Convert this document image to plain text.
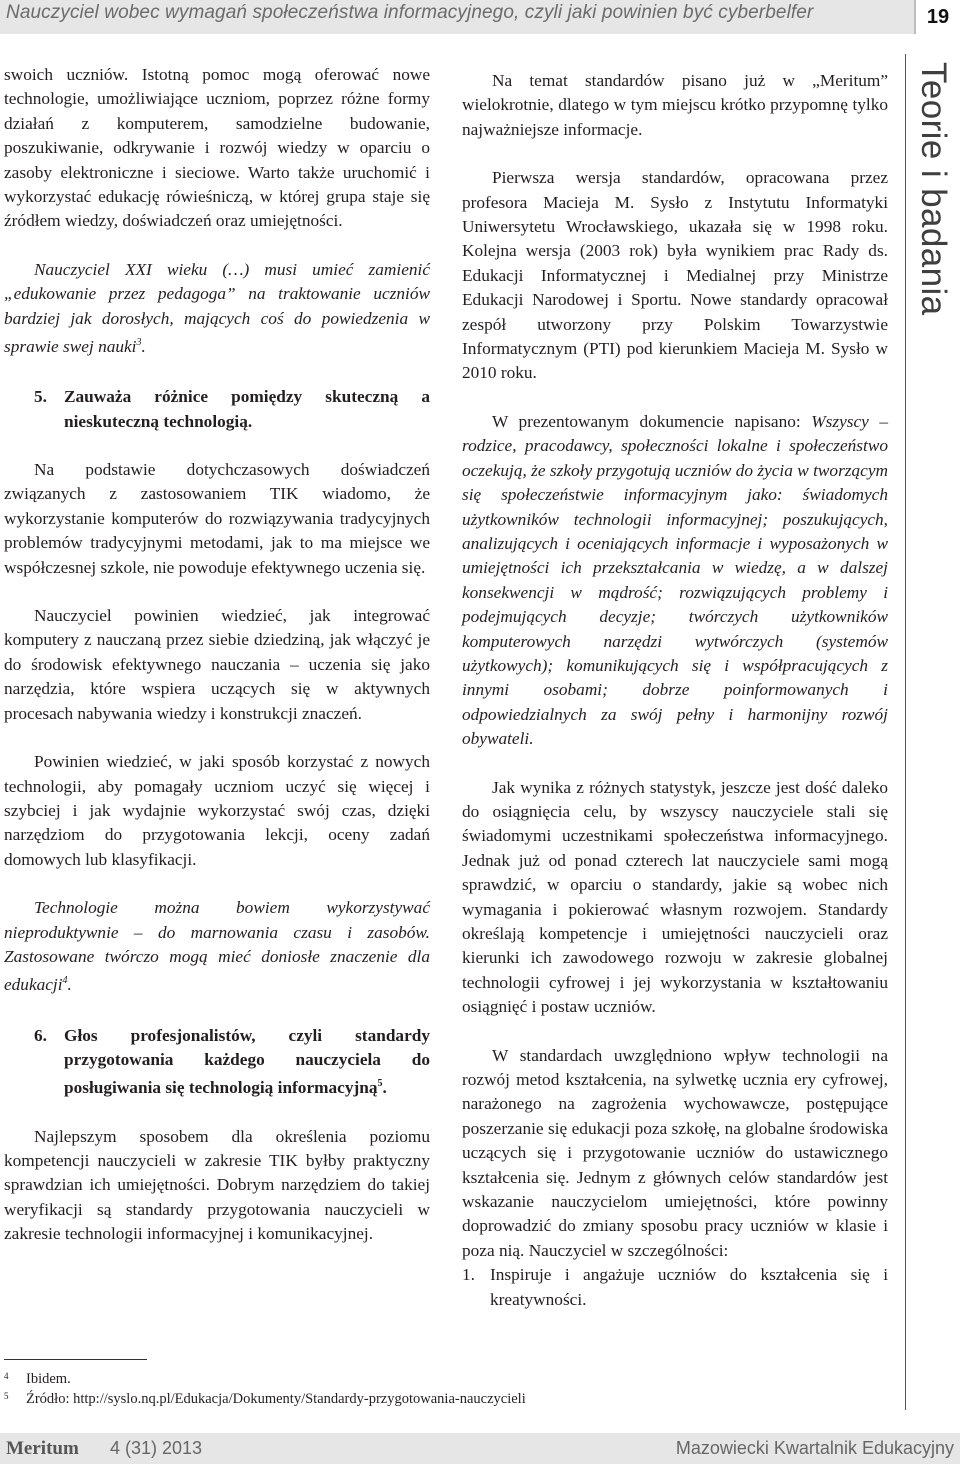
Nauczyciel wobec wymagań społeczeństwa informacyjnego, czyli jaki powinien być cyberbelfer	19

swoich uczniów. Istotną pomoc mogą oferować nowe technologie, umożliwiające uczniom, poprzez różne formy działań z komputerem, samodzielne budowanie, poszukiwanie, odkrywanie i rozwój wiedzy w oparciu o zasoby elektroniczne i sieciowe. Warto także uruchomić i wykorzystać edukację rówieśniczą, w której grupa staje się źródłem wiedzy, doświadczeń oraz umiejętności.

Nauczyciel XXI wieku (…) musi umieć zamienić „edukowanie przez pedagoga” na traktowanie uczniów bardziej jak dorosłych, mających coś do powiedzenia w sprawie swej nauki$^3$.

5. Zauważa różnice pomiędzy skuteczną a nieskuteczną technologią.

Na podstawie dotychczasowych doświadczeń związanych z zastosowaniem TIK wiadomo, że wykorzystanie komputerów do rozwiązywania tradycyjnych problemów tradycyjnymi metodami, jak to ma miejsce we współczesnej szkole, nie powoduje efektywnego uczenia się.

Nauczyciel powinien wiedzieć, jak integrować komputery z nauczaną przez siebie dziedziną, jak włączyć je do środowisk efektywnego nauczania – uczenia się jako narzędzia, które wspiera uczących się w aktywnych procesach nabywania wiedzy i konstrukcji znaczeń.

Powinien wiedzieć, w jaki sposób korzystać z nowych technologii, aby pomagały uczniom uczyć się więcej i szybciej i jak wydajnie wykorzystać swój czas, dzięki narzędziom do przygotowania lekcji, oceny zadań domowych lub klasyfikacji.

Technologie można bowiem wykorzystywać nieproduktywnie – do marnowania czasu i zasobów. Zastosowane twórczo mogą mieć doniosłe znaczenie dla edukacji$^4$.

6. Głos profesjonalistów, czyli standardy przygotowania każdego nauczyciela do posługiwania się technologią informacyjną$^5$.

Najlepszym sposobem dla określenia poziomu kompetencji nauczycieli w zakresie TIK byłby praktyczny sprawdzian ich umiejętności. Dobrym narzędziem do takiej weryfikacji są standardy przygotowania nauczycieli w zakresie technologii informacyjnej i komunikacyjnej.

Na temat standardów pisano już w „Meritum” wielokrotnie, dlatego w tym miejscu krótko przypomnę tylko najważniejsze informacje.

Pierwsza wersja standardów, opracowana przez profesora Macieja M. Sysło z Instytutu Informatyki Uniwersytetu Wrocławskiego, ukazała się w 1998 roku. Kolejna wersja (2003 rok) była wynikiem prac Rady ds. Edukacji Informatycznej i Medialnej przy Ministrze Edukacji Narodowej i Sportu. Nowe standardy opracował zespół utworzony przy Polskim Towarzystwie Informatycznym (PTI) pod kierunkiem Macieja M. Sysło w 2010 roku.

W prezentowanym dokumencie napisano: Wszyscy – rodzice, pracodawcy, społeczności lokalne i społeczeństwo oczekują, że szkoły przygotują uczniów do życia w tworzącym się społeczeństwie informacyjnym jako: świadomych użytkowników technologii informacyjnej; poszukujących, analizujących i oceniających informacje i wyposażonych w umiejętności ich przekształcania w wiedzę, a w dalszej konsekwencji w mądrość; rozwiązujących problemy i podejmujących decyzje; twórczych użytkowników komputerowych narzędzi wytwórczych (systemów użytkowych); komunikujących się i współpracujących z innymi osobami; dobrze poinformowanych i odpowiedzialnych za swój pełny i harmonijny rozwój obywateli.

Jak wynika z różnych statystyk, jeszcze jest dość daleko do osiągnięcia celu, by wszyscy nauczyciele stali się świadomymi uczestnikami społeczeństwa informacyjnego. Jednak już od ponad czterech lat nauczyciele sami mogą sprawdzić, w oparciu o standardy, jakie są wobec nich wymagania i pokierować własnym rozwojem. Standardy określają kompetencje i umiejętności nauczycieli oraz kierunki ich zawodowego rozwoju w zakresie globalnej technologii cyfrowej i jej wykorzystania w kształtowaniu osiągnięć i postaw uczniów.

W standardach uwzględniono wpływ technologii na rozwój metod kształcenia, na sylwetkę ucznia ery cyfrowej, narażonego na zagrożenia wychowawcze, postępujące poszerzanie się edukacji poza szkołę, na globalne środowiska uczących się i przygotowanie uczniów do ustawicznego kształcenia się. Jednym z głównych celów standardów jest wskazanie nauczycielom umiejętności, które powinny doprowadzić do zmiany sposobu pracy uczniów w klasie i poza nią. Nauczyciel w szczególności:

1. Inspiruje i angażuje uczniów do kształcenia się i kreatywności.
Teorie i badania
4	Ibidem.
5	Źródło: http://syslo.nq.pl/Edukacja/Dokumenty/Standardy-przygotowania-nauczycieli
Meritum 4 (31) 2013	Mazowiecki Kwartalnik Edukacyjny
